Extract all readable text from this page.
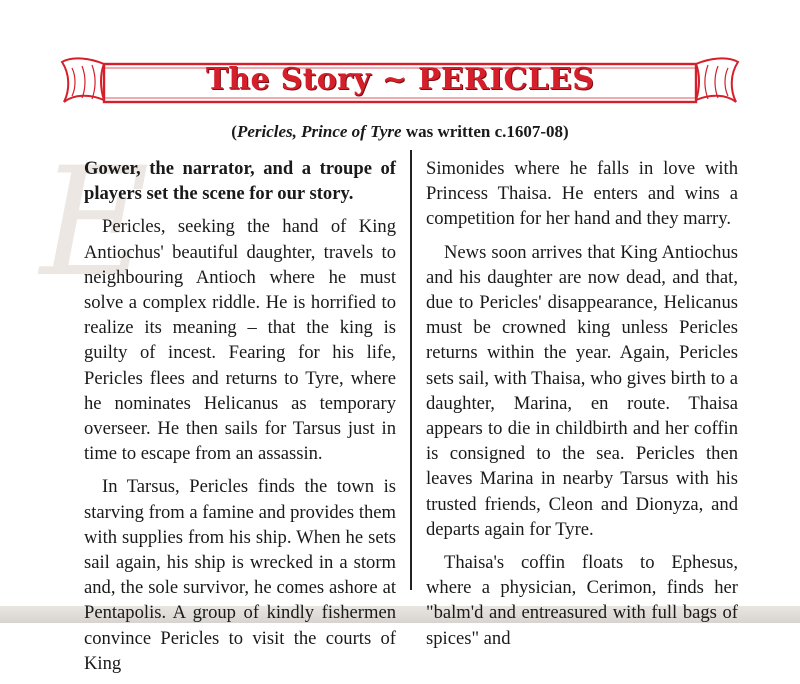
The Story ~ PERICLES
(Pericles, Prince of Tyre was written c.1607-08)
E

Gower, the narrator, and a troupe of players set the scene for our story.

Pericles, seeking the hand of King Antiochus' beautiful daughter, travels to neighbouring Antioch where he must solve a complex riddle. He is horrified to realize its meaning – that the king is guilty of incest. Fearing for his life, Pericles flees and returns to Tyre, where he nominates Helicanus as temporary overseer. He then sails for Tarsus just in time to escape from an assassin.

In Tarsus, Pericles finds the town is starving from a famine and provides them with supplies from his ship. When he sets sail again, his ship is wrecked in a storm and, the sole survivor, he comes ashore at Pentapolis. A group of kindly fishermen convince Pericles to visit the courts of King

Simonides where he falls in love with Princess Thaisa. He enters and wins a competition for her hand and they marry.

News soon arrives that King Antiochus and his daughter are now dead, and that, due to Pericles' disappearance, Helicanus must be crowned king unless Pericles returns within the year. Again, Pericles sets sail, with Thaisa, who gives birth to a daughter, Marina, en route. Thaisa appears to die in childbirth and her coffin is consigned to the sea. Pericles then leaves Marina in nearby Tarsus with his trusted friends, Cleon and Dionyza, and departs again for Tyre.

Thaisa's coffin floats to Ephesus, where a physician, Cerimon, finds her "balm'd and entreasured with full bags of spices" and
